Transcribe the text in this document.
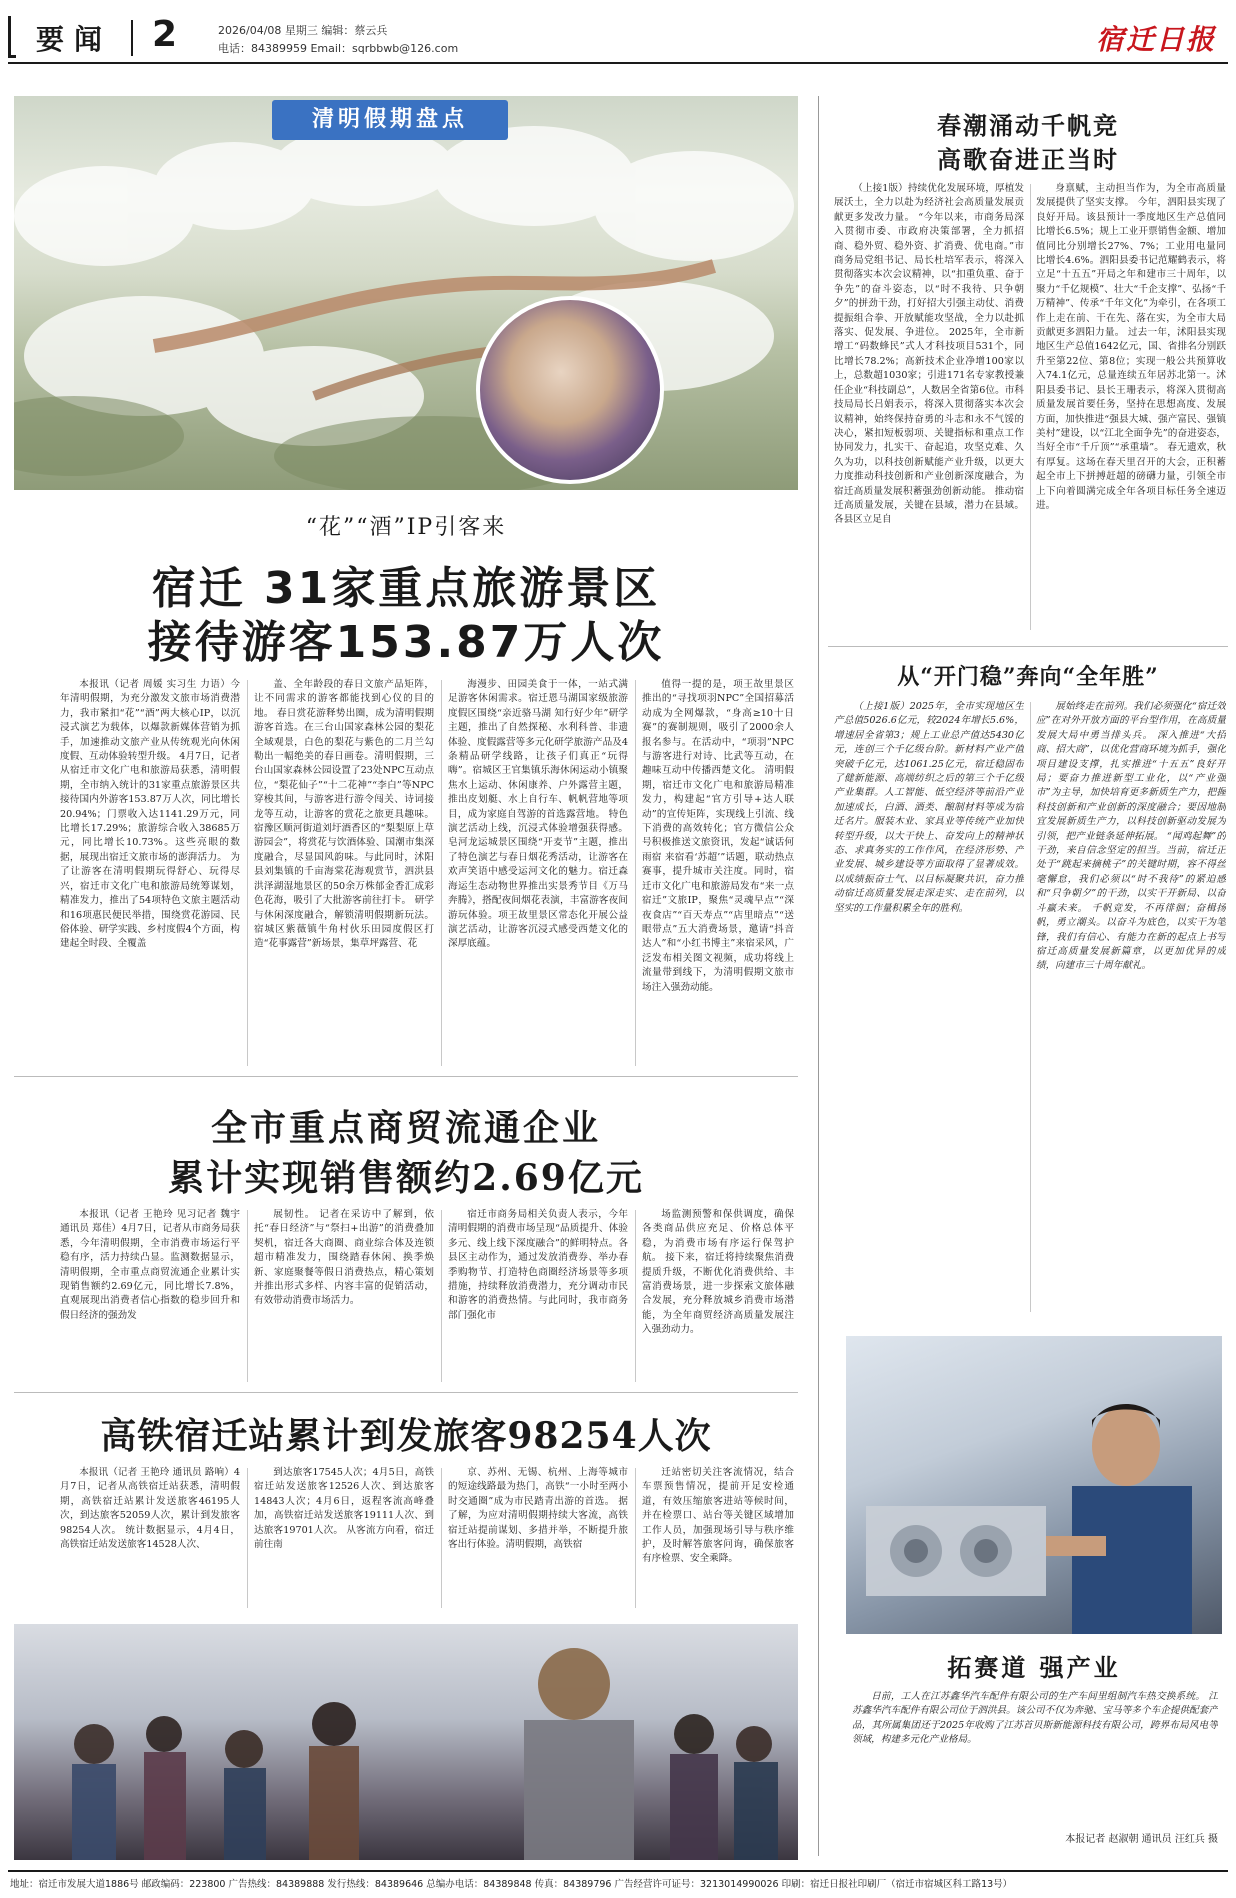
要闻 2	2026/04/08 星期三 编辑：蔡云兵
电话：84389959 Email：sqrbbwb@126.com	宿迁日报
清明假期盘点
“花”“酒”IP引客来
宿迁 31家重点旅游景区
接待游客153.87万人次

本报讯（记者 周媛 实习生 力语）今年清明假期，为充分激发文旅市场消费潜力，我市紧扣“花”“酒”两大核心IP，以沉浸式演艺为载体，以爆款新媒体营销为抓手，加速推动文旅产业从传统观光向休闲度假、互动体验转型升级。 4月7日，记者从宿迁市文化广电和旅游局获悉，清明假期，全市纳入统计的31家重点旅游景区共接待国内外游客153.87万人次，同比增长20.94%；门票收入达1141.29万元，同比增长17.29%；旅游综合收入38685万元，同比增长10.73%。这些亮眼的数据，展现出宿迁文旅市场的澎湃活力。 为了让游客在清明假期玩得舒心、玩得尽兴，宿迁市文化广电和旅游局统筹谋划，精准发力，推出了54项特色文旅主题活动和16项惠民便民举措，围绕赏花游园、民俗体验、研学实践、乡村度假4个方面，构建起全时段、全覆盖

盖、全年龄段的春日文旅产品矩阵，让不同需求的游客都能找到心仪的目的地。 春日赏花游释势出圈，成为清明假期游客首选。在三台山国家森林公园的梨花全域观景，白色的梨花与紫色的二月兰勾勒出一幅绝美的春日画卷。清明假期，三台山国家森林公园设置了23处NPC互动点位，“梨花仙子”“十二花神”“李白”等NPC穿梭其间，与游客进行游令闯关、诗词接龙等互动，让游客的赏花之旅更具趣味。宿豫区顺河街道刘圩酒香区的“梨梨原上草游园会”，将赏花与饮酒体验、国潮市集深度融合，尽显国风韵味。与此同时，沭阳县刘集镇的千亩海棠花海观赏节，泗洪县洪泽湖湿地景区的50余万株郁金香汇成彩色花海，吸引了大批游客前往打卡。 研学与休闲深度融合，解锁清明假期新玩法。宿城区紫薇镇牛角村伙乐田园度假区打造“花事露营”新场景，集草坪露营、花

海漫步、田园美食于一体，一站式满足游客休闲需求。宿迁恩马湖国家级旅游度假区围绕“亲近骆马湖 知行好少年”研学主题，推出了自然探秘、水利科普、非遗体验、度假露营等多元化研学旅游产品及4条精品研学线路，让孩子们真正“玩得嗨”。宿城区王官集镇乐海休闲运动小镇聚焦水上运动、休闲康养、户外露营主题，推出皮划艇、水上自行车、帆帆营地等项目，成为家庭自驾游的首选露营地。 特色演艺活动上线，沉浸式体验增强获得感。皂河龙运城景区围绕“开麦节”主题，推出了特色演艺与春日烟花秀活动，让游客在欢声笑语中感受运河文化的魅力。宿迁森海运生态动物世界推出实景秀节目《万马奔腾》，搭配夜间烟花表演，丰富游客夜间游玩体验。项王故里景区常态化开展公益演艺活动，让游客沉浸式感受西楚文化的深厚底蕴。

值得一提的是，项王故里景区推出的“寻找项羽NPC”全国招募活动成为全网爆款，“身高≥10十日赛”的赛制规则，吸引了2000余人报名参与。在活动中，“项羽”NPC与游客进行对诗、比武等互动，在趣味互动中传播西楚文化。 清明假期，宿迁市文化广电和旅游局精准发力，构建起“官方引导+达人联动”的宣传矩阵，实现线上引流、线下消费的高效转化；官方微信公众号积极推送文旅资讯，发起“诚话何雨宿 来宿看‘苏超’”话题，联动热点赛事，提升城市关注度。同时，宿迁市文化广电和旅游局发布“来一点宿迁”文旅IP，聚焦“灵魂早点”“深夜食店”“百天寿点”“店里暗点”“送眼带点”五大消费场景，邀请“抖音达人”和“小红书博主”来宿采风，广泛发布相关图文视频，成功将线上流量带到线下，为清明假期文旅市场注入强劲动能。

全市重点商贸流通企业
累计实现销售额约2.69亿元

本报讯（记者 王艳玲 见习记者 魏宇 通讯员 郑佳）4月7日，记者从市商务局获悉，今年清明假期，全市消费市场运行平稳有序，活力持续凸显。监测数据显示，清明假期，全市重点商贸流通企业累计实现销售额约2.69亿元，同比增长7.8%，直观展现出消费者信心指数的稳步回升和假日经济的强劲发

展韧性。 记者在采访中了解到，依托“春日经济”与“祭扫+出游”的消费叠加契机，宿迁各大商圈、商业综合体及连锁超市精准发力，围绕踏春休闲、换季焕新、家庭聚餐等假日消费热点，精心策划并推出形式多样、内容丰富的促销活动，有效带动消费市场活力。

宿迁市商务局相关负责人表示，今年清明假期的消费市场呈现“品质提升、体验多元、线上线下深度融合”的鲜明特点。各县区主动作为，通过发放消费券、举办春季购物节、打造特色商圈经济场景等多项措施，持续释放消费潜力，充分调动市民和游客的消费热情。与此同时，我市商务部门强化市

场监测预警和保供调度，确保各类商品供应充足、价格总体平稳，为消费市场有序运行保驾护航。 接下来，宿迁将持续聚焦消费提质升级，不断优化消费供给、丰富消费场景，进一步探索文旅体融合发展，充分释放城乡消费市场潜能，为全年商贸经济高质量发展注入强劲动力。

高铁宿迁站累计到发旅客98254人次

本报讯（记者 王艳玲 通讯员 路响）4月7日，记者从高铁宿迁站获悉，清明假期，高铁宿迁站累计发送旅客46195人次，到达旅客52059人次，累计到发旅客98254人次。 统计数据显示，4月4日，高铁宿迁站发送旅客14528人次、

到达旅客17545人次；4月5日，高铁宿迁站发送旅客12526人次、到达旅客14843人次；4月6日，返程客流高峰叠加，高铁宿迁站发送旅客19111人次、到达旅客19701人次。 从客流方向看，宿迁前往南

京、苏州、无锡、杭州、上海等城市的短途线路最为热门，高铁“一小时至两小时交通圈”成为市民踏青出游的首选。 据了解，为应对清明假期持续大客流，高铁宿迁站提前谋划、多措并举，不断提升旅客出行体验。清明假期，高铁宿

迁站密切关注客流情况，结合车票预售情况，提前开足安检通道，有效压缩旅客进站等候时间，并在检票口、站台等关键区域增加工作人员，加强现场引导与秩序维护，及时解答旅客问询，确保旅客有序检票、安全乘降。

春潮涌动千帆竞
高歌奋进正当时

（上接1版）持续优化发展环境，厚植发展沃土，全力以赴为经济社会高质量发展贡献更多发改力量。 “今年以来，市商务局深入贯彻市委、市政府决策部署，全力抓招商、稳外贸、稳外资、扩消费、优电商。”市商务局党组书记、局长杜培军表示，将深入贯彻落实本次会议精神，以“扣重负重、奋于争先”的奋斗姿态，以“时不我待、只争朝夕”的拼劲干劲，打好招大引强主动仗、消费提振组合拳、开放赋能攻坚战，全力以赴抓落实、促发展、争进位。 2025年，全市新增工“码数蜂民”式人才科技项目531个，同比增长78.2%；高新技术企业净增100家以上，总数超1030家；引进171名专家教授兼任企业“科技副总”，人数居全省第6位。市科技局局长吕娟表示，将深入贯彻落实本次会议精神，始终保持奋勇的斗志和永不气馁的决心，紧扣短板弱项、关键指标和重点工作协同发力，扎实干、奋起追，攻坚克难、久久为功，以科技创新赋能产业升级，以更大力度推动科技创新和产业创新深度融合，为宿迁高质量发展积蓄强劲创新动能。 推动宿迁高质量发展，关键在县域，潜力在县域。各县区立足自

身禀赋，主动担当作为，为全市高质量发展提供了坚实支撑。 今年，泗阳县实现了良好开局。该县预计一季度地区生产总值同比增长6.5%；规上工业开票销售金额、增加值同比分别增长27%、7%；工业用电量同比增长4.6%。泗阳县委书记范耀鹤表示，将立足“十五五”开局之年和建市三十周年，以聚力“千亿规模”、壮大“千企支撑”、弘扬“千万精神”、传承“千年文化”为牵引，在各项工作上走在前、干在先、落在实，为全市大局贡献更多泗阳力量。 过去一年，沭阳县实现地区生产总值1642亿元，国、省排名分别跃升至第22位、第8位；实现一般公共预算收入74.1亿元，总量连续五年居苏北第一。沭阳县委书记、县长王珊表示，将深入贯彻高质量发展首要任务，坚持在思想高度、发展方面，加快推进“强县大城、强产富民、强镇美村”建设，以“江北全面争先”的奋进姿态，当好全市“千斤顶”“承重墙”。 春无遗欢，秋有厚复。这场在春天里召开的大会，正积蓄起全市上下拼搏赶超的磅礴力量，引领全市上下向着圆满完成全年各项目标任务全速迈进。

从“开门稳”奔向“全年胜”

（上接1版）2025年，全市实现地区生产总值5026.6亿元，较2024年增长5.6%，增速居全省第3；规上工业总产值达5430亿元，连创三个千亿级台阶。新材料产业产值突破千亿元，达1061.25亿元，宿迁稳固布了健新能源、高端纺织之后的第三个千亿级产业集群。人工智能、低空经济等前沿产业加速成长，白酒、酒类、酿制材料等成为宿迁名片。服装木业、家具业等传统产业加快转型升级，以大干快上、奋发向上的精神状态、求真务实的工作作风，在经济形势、产业发展、城乡建设等方面取得了显著成效。以成绩振奋士气、以目标凝聚共识，奋力推动宿迁高质量发展走深走实、走在前列，以坚实的工作量积累全年的胜利。

展始终走在前列。我们必须强化“宿迁效应”在对外开放方面的平台型作用，在高质量发展大局中勇当排头兵。 深入推进“大招商、招大商”，以优化营商环境为抓手，强化项目建设支撑，扎实推进“十五五”良好开局；要奋力推进新型工业化，以“产业强市”为主导，加快培育更多新质生产力，把握科技创新和产业创新的深度融合；要因地制宜发展新质生产力，以科技创新驱动发展为引领，把产业链条延伸拓展。 “闻鸡起舞”的干劲，来自信念坚定的担当。当前，宿迁正处于“跳起来摘桃子”的关键时期，容不得丝毫懈怠，我们必须以“时不我待”的紧迫感和“只争朝夕”的干劲，以实干开新局、以奋斗赢未来。 千帆竞发，不再徘徊；奋楫扬帆，勇立潮头。以奋斗为底色，以实干为笔锋，我们有信心、有能力在新的起点上书写宿迁高质量发展新篇章，以更加优异的成绩，向建市三十周年献礼。

拓赛道 强产业

日前，工人在江苏鑫华汽车配件有限公司的生产车间里组制汽车热交换系统。 江苏鑫华汽车配件有限公司位于泗洪县。该公司不仅为奔驰、宝马等多个车企提供配套产品，其所属集团还于2025年收购了江苏首贝斯新能源科技有限公司，跨界布局风电等领域，构建多元化产业格局。

本报记者 赵淑朝 通讯员 汪红兵 摄
地址：宿迁市发展大道1886号 邮政编码：223800 广告热线：84389888 发行热线：84389646 总编办电话：84389848 传真：84389796 广告经营许可证号：3213014990026 印刷：宿迁日报社印刷厂（宿迁市宿城区科工路13号）
